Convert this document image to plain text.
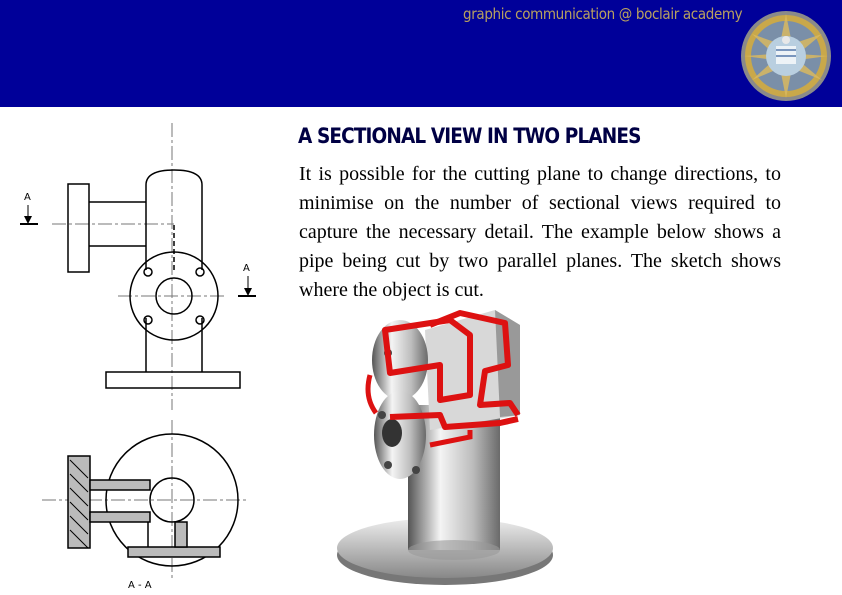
graphic communication @ boclair academy
A SECTIONAL VIEW IN TWO PLANES

It is possible for the cutting plane to change directions, to minimise on the number of sectional views required to capture the necessary detail. The example below shows a pipe being cut by two parallel planes. The sketch shows where the object is cut.

A
A
A - A
